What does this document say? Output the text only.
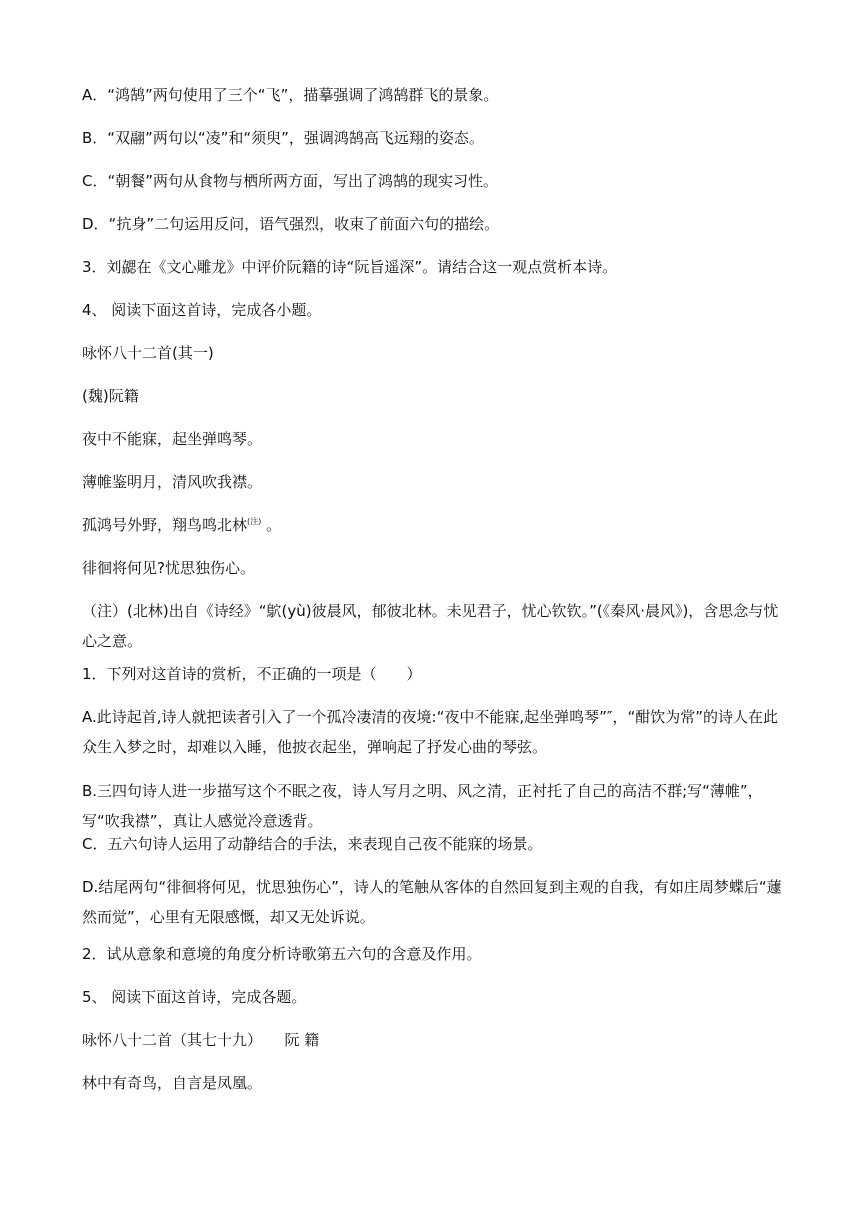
A．“鸿鹄”两句使用了三个“飞”，描摹强调了鸿鹄群飞的景象。

B．“双翮”两句以“凌”和“须臾”，强调鸿鹄高飞远翔的姿态。

C．“朝餐”两句从食物与栖所两方面，写出了鸿鹄的现实习性。

D．“抗身”二句运用反问，语气强烈，收束了前面六句的描绘。

3．刘勰在《文心雕龙》中评价阮籍的诗“阮旨遥深”。请结合这一观点赏析本诗。

4、 阅读下面这首诗，完成各小题。

咏怀八十二首(其一)

(魏)阮籍

夜中不能寐，起坐弹鸣琴。

薄帷鉴明月，清风吹我襟。

孤鸿号外野，翔鸟鸣北林$^{(注)}$ 。

徘徊将何见?忧思独伤心。

（注）(北林)出自《诗经》“鴥(yù)彼晨风，郁彼北林。未见君子，忧心钦钦。”(《秦风·晨风》)，含思念与忧心之意。

1．下列对这首诗的赏析，不正确的一项是（　　）

A.此诗起首,诗人就把读者引入了一个孤冷凄清的夜境:“夜中不能寐,起坐弹鸣琴”″，“酣饮为常”的诗人在此众生入梦之时，却难以入睡，他披衣起坐，弹响起了抒发心曲的琴弦。

B.三四句诗人进一步描写这个不眠之夜，诗人写月之明、风之清，正衬托了自己的高洁不群;写“薄帷”，写“吹我襟”，真让人感觉冷意透背。

C．五六句诗人运用了动静结合的手法，来表现自己夜不能寐的场景。

D.结尾两句“徘徊将何见，忧思独伤心”，诗人的笔触从客体的自然回复到主观的自我，有如庄周梦蝶后“蘧然而觉”，心里有无限感慨，却又无处诉说。

2．试从意象和意境的角度分析诗歌第五六句的含意及作用。

5、 阅读下面这首诗，完成各题。

咏怀八十二首（其七十九）　　阮 籍

林中有奇鸟，自言是凤凰。
